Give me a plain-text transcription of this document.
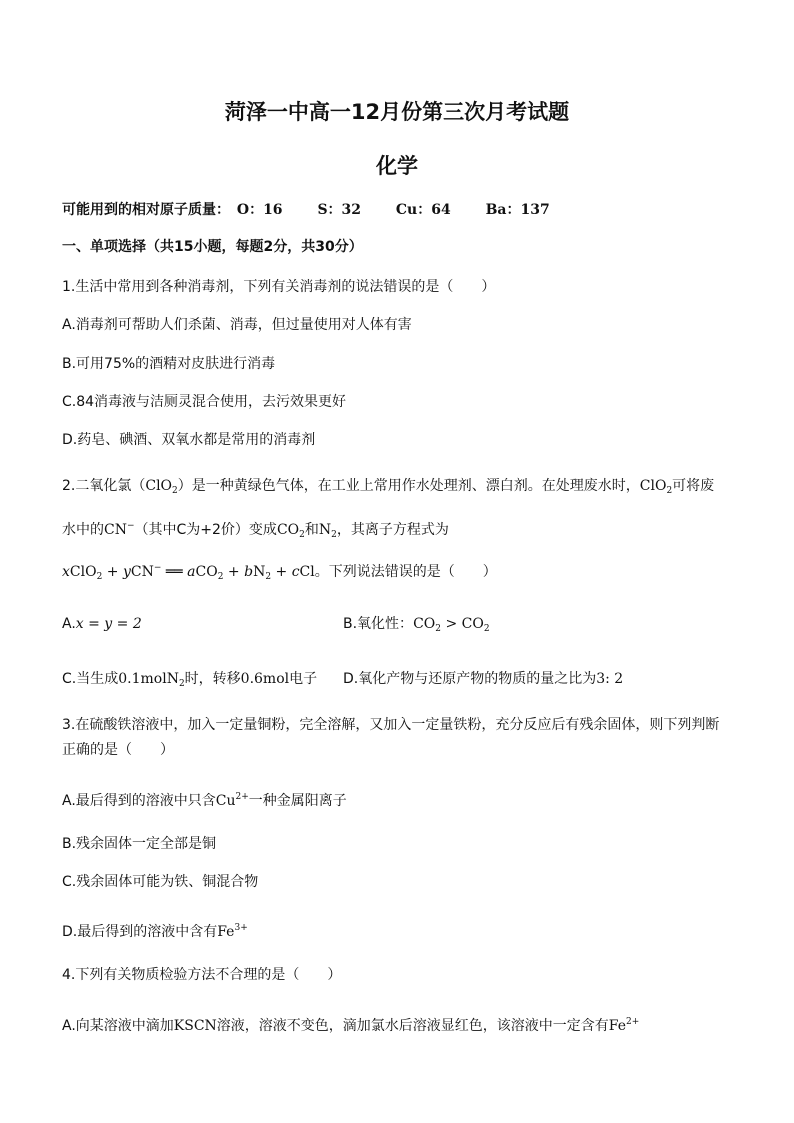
菏泽一中高一12月份第三次月考试题
化学
可能用到的相对原子质量： O：16 S：32 Cu：64 Ba：137
一、单项选择（共15小题，每题2分，共30分）
1.生活中常用到各种消毒剂，下列有关消毒剂的说法错误的是（　　）
A.消毒剂可帮助人们杀菌、消毒，但过量使用对人体有害
B.可用75%的酒精对皮肤进行消毒
C.84消毒液与洁厕灵混合使用，去污效果更好
D.药皂、碘酒、双氧水都是常用的消毒剂
2.二氧化氯（ClO$_2$）是一种黄绿色气体，在工业上常用作水处理剂、漂白剂。在处理废水时，ClO$_2$可将废
水中的CN−（其中C为+2价）变成$CO_2$和$N_2$，其离子方程式为
xClO$_2$ + yCN− ══ $aCO_2 + bN_2$ + cCl。下列说法错误的是（　　）
A.x = y = 2	B.氧化性：$CO_2 > CO_2$
C.当生成0.1molN$_2$时，转移0.6mol电子 D.氧化产物与还原产物的物质的量之比为3: 2
3.在硫酸铁溶液中，加入一定量铜粉，完全溶解，又加入一定量铁粉，充分反应后有残余固体，则下列判断
正确的是（　　）
A.最后得到的溶液中只含$Cu^{2+}$一种金属阳离子
B.残余固体一定全部是铜
C.残余固体可能为铁、铜混合物
D.最后得到的溶液中含有$Fe^{3+}$
4.下列有关物质检验方法不合理的是（　　）
A.向某溶液中滴加KSCN溶液，溶液不变色，滴加氯水后溶液显红色，该溶液中一定含有$Fe^{2+}$
